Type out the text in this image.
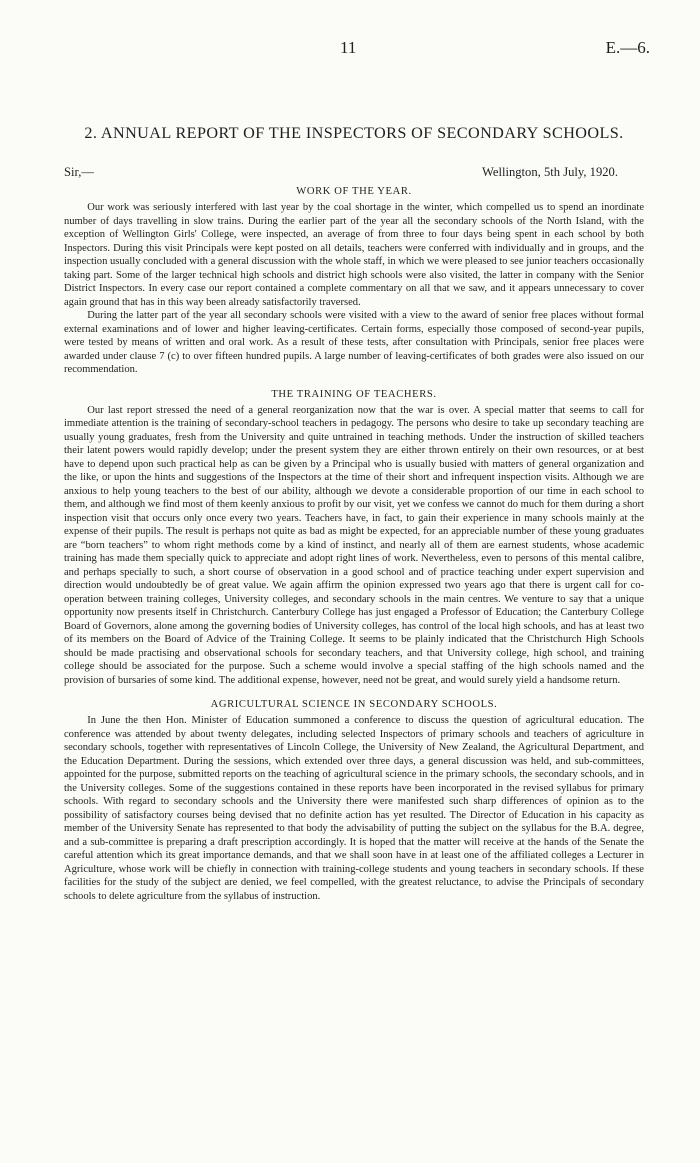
11	E.—6.
2. ANNUAL REPORT OF THE INSPECTORS OF SECONDARY SCHOOLS.
Sir,—	Wellington, 5th July, 1920.
WORK OF THE YEAR.

Our work was seriously interfered with last year by the coal shortage in the winter, which compelled us to spend an inordinate number of days travelling in slow trains. During the earlier part of the year all the secondary schools of the North Island, with the exception of Wellington Girls' College, were inspected, an average of from three to four days being spent in each school by both Inspectors. During this visit Principals were kept posted on all details, teachers were conferred with individually and in groups, and the inspection usually concluded with a general discussion with the whole staff, in which we were pleased to see junior teachers occasionally taking part. Some of the larger technical high schools and district high schools were also visited, the latter in company with the Senior District Inspectors. In every case our report contained a complete commentary on all that we saw, and it appears unnecessary to cover again ground that has in this way been already satisfactorily traversed.

During the latter part of the year all secondary schools were visited with a view to the award of senior free places without formal external examinations and of lower and higher leaving-certificates. Certain forms, especially those composed of second-year pupils, were tested by means of written and oral work. As a result of these tests, after consultation with Principals, senior free places were awarded under clause 7 (c) to over fifteen hundred pupils. A large number of leaving-certificates of both grades were also issued on our recommendation.

THE TRAINING OF TEACHERS.

Our last report stressed the need of a general reorganization now that the war is over. A special matter that seems to call for immediate attention is the training of secondary-school teachers in pedagogy. The persons who desire to take up secondary teaching are usually young graduates, fresh from the University and quite untrained in teaching methods. Under the instruction of skilled teachers their latent powers would rapidly develop; under the present system they are either thrown entirely on their own resources, or at best have to depend upon such practical help as can be given by a Principal who is usually busied with matters of general organization and the like, or upon the hints and suggestions of the Inspectors at the time of their short and infrequent inspection visits. Although we are anxious to help young teachers to the best of our ability, although we devote a considerable proportion of our time in each school to them, and although we find most of them keenly anxious to profit by our visit, yet we confess we cannot do much for them during a short inspection visit that occurs only once every two years. Teachers have, in fact, to gain their experience in many schools mainly at the expense of their pupils. The result is perhaps not quite as bad as might be expected, for an appreciable number of these young graduates are “born teachers” to whom right methods come by a kind of instinct, and nearly all of them are earnest students, whose academic training has made them specially quick to appreciate and adopt right lines of work. Nevertheless, even to persons of this mental calibre, and perhaps specially to such, a short course of observation in a good school and of practice teaching under expert supervision and direction would undoubtedly be of great value. We again affirm the opinion expressed two years ago that there is urgent call for co-operation between training colleges, University colleges, and secondary schools in the main centres. We venture to say that a unique opportunity now presents itself in Christchurch. Canterbury College has just engaged a Professor of Education; the Canterbury College Board of Governors, alone among the governing bodies of University colleges, has control of the local high schools, and has at least two of its members on the Board of Advice of the Training College. It seems to be plainly indicated that the Christchurch High Schools should be made practising and observational schools for secondary teachers, and that University college, high school, and training college should be associated for the purpose. Such a scheme would involve a special staffing of the high schools named and the provision of bursaries of some kind. The additional expense, however, need not be great, and would surely yield a handsome return.

AGRICULTURAL SCIENCE IN SECONDARY SCHOOLS.

In June the then Hon. Minister of Education summoned a conference to discuss the question of agricultural education. The conference was attended by about twenty delegates, including selected Inspectors of primary schools and teachers of agriculture in secondary schools, together with representatives of Lincoln College, the University of New Zealand, the Agricultural Department, and the Education Department. During the sessions, which extended over three days, a general discussion was held, and sub-committees, appointed for the purpose, submitted reports on the teaching of agricultural science in the primary schools, the secondary schools, and in the University colleges. Some of the suggestions contained in these reports have been incorporated in the revised syllabus for primary schools. With regard to secondary schools and the University there were manifested such sharp differences of opinion as to the possibility of satisfactory courses being devised that no definite action has yet resulted. The Director of Education in his capacity as member of the University Senate has represented to that body the advisability of putting the subject on the syllabus for the B.A. degree, and a sub-committee is preparing a draft prescription accordingly. It is hoped that the matter will receive at the hands of the Senate the careful attention which its great importance demands, and that we shall soon have in at least one of the affiliated colleges a Lecturer in Agriculture, whose work will be chiefly in connection with training-college students and young teachers in secondary schools. If these facilities for the study of the subject are denied, we feel compelled, with the greatest reluctance, to advise the Principals of secondary schools to delete agriculture from the syllabus of instruction.
